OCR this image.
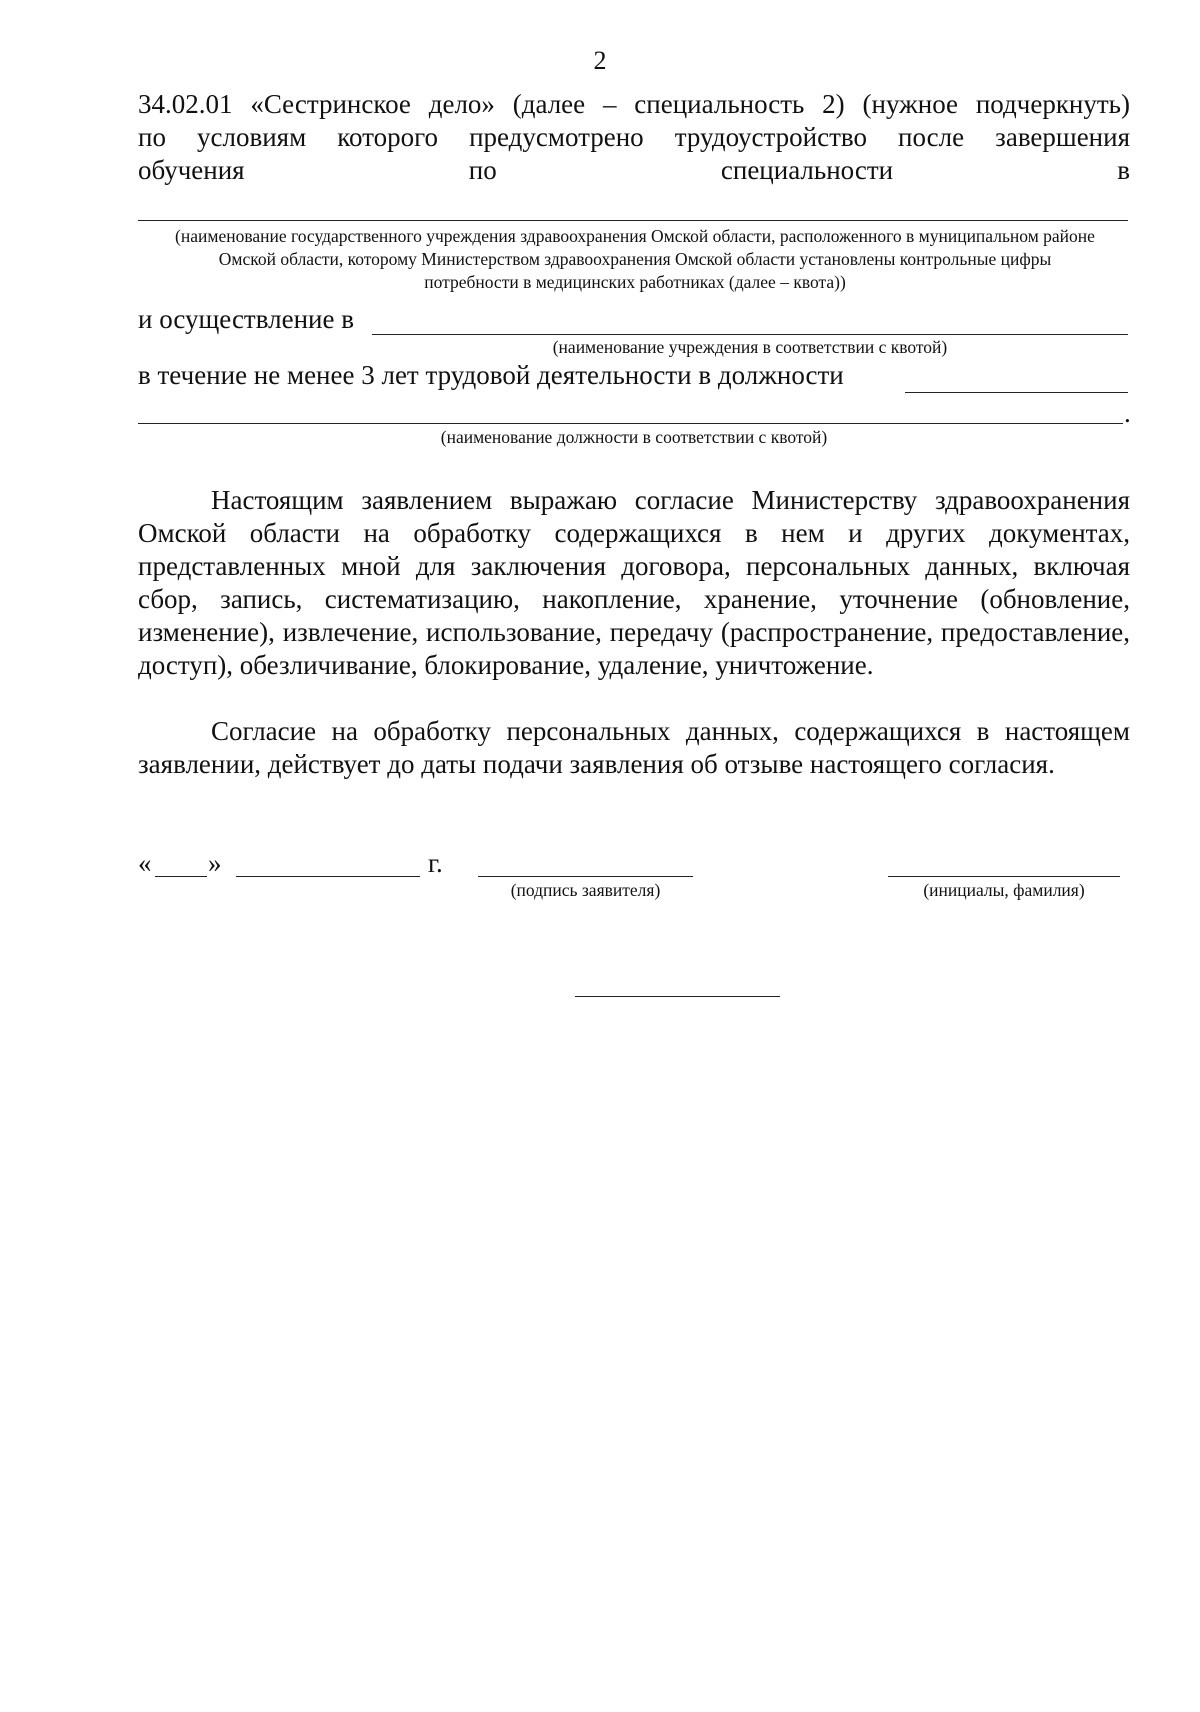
2
34.02.01 «Сестринское дело» (далее – специальность 2) (нужное подчеркнуть)
по условиям которого предусмотрено трудоустройство после завершения
обучения	по	специальности	в
(наименование государственного учреждения здравоохранения Омской области, расположенного в муниципальном районе Омской области, которому Министерством здравоохранения Омской области установлены контрольные цифры потребности в медицинских работниках (далее – квота))
и осуществление в
(наименование учреждения в соответствии с квотой)
в течение не менее 3 лет трудовой деятельности в должности
.
(наименование должности в соответствии с квотой)
Настоящим заявлением выражаю согласие Министерству здравоохранения Омской области на обработку содержащихся в нем и других документах, представленных мной для заключения договора, персональных данных, включая сбор, запись, систематизацию, накопление, хранение, уточнение (обновление, изменение), извлечение, использование, передачу (распространение, предоставление, доступ), обезличивание, блокирование, удаление, уничтожение.
Согласие на обработку персональных данных, содержащихся в настоящем заявлении, действует до даты подачи заявления об отзыве настоящего согласия.
« »	г.
(подпись заявителя)	(инициалы, фамилия)
